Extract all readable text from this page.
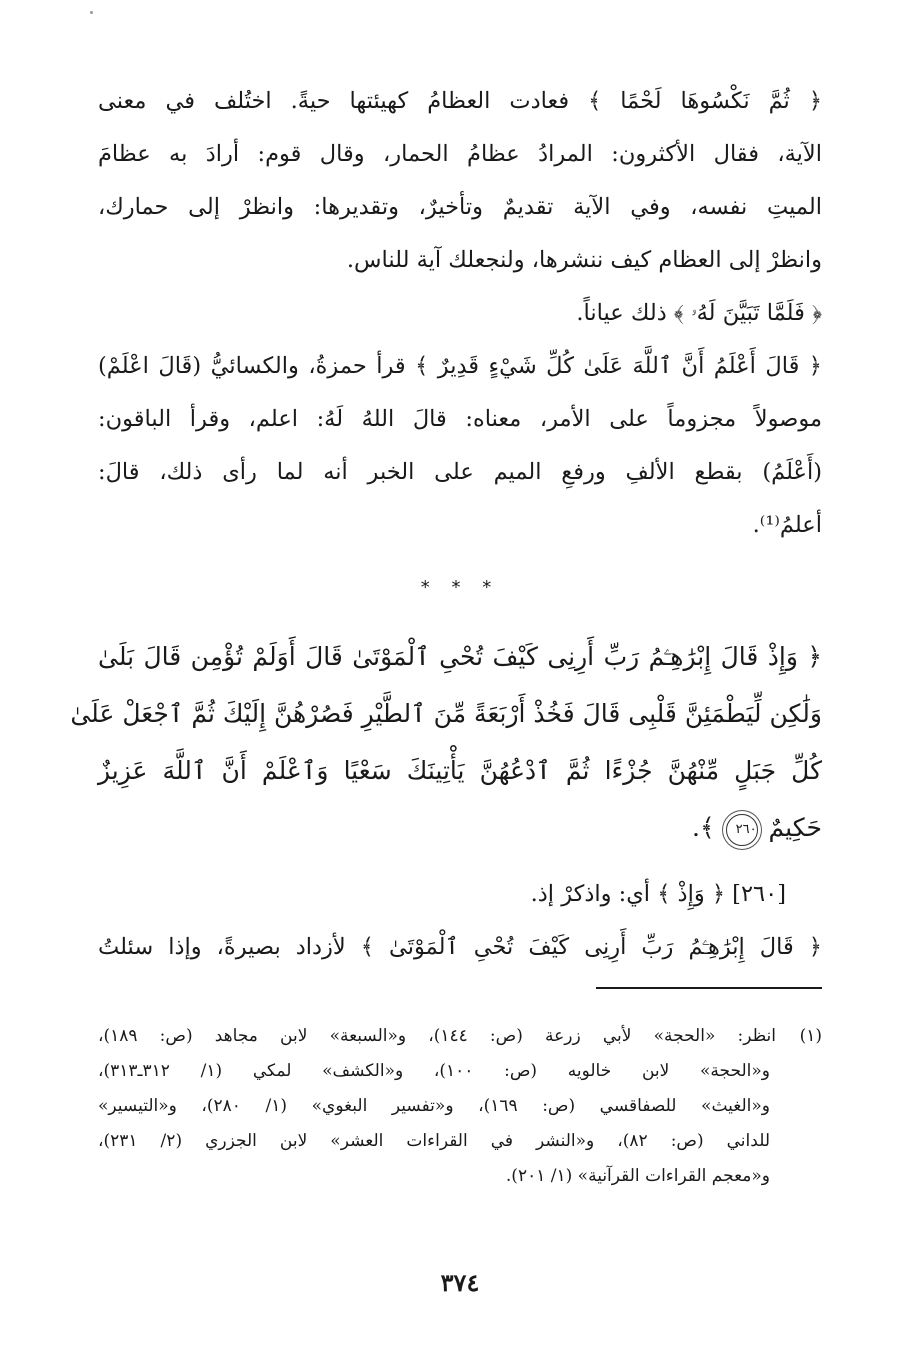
﴿ ثُمَّ نَكْسُوهَا لَحْمًا ﴾ فعادت العظامُ كهيئتها حيةً. اختُلف في معنى
الآية، فقال الأكثرون: المرادُ عظامُ الحمار، وقال قوم: أرادَ به عظامَ
الميتِ نفسه، وفي الآية تقديمٌ وتأخيرٌ، وتقديرها: وانظرْ إلى حمارك،
وانظرْ إلى العظام كيف ننشرها، ولنجعلك آية للناس.
﴿ فَلَمَّا تَبَيَّنَ لَهُۥ ﴾ ذلك عياناً.
﴿ قَالَ أَعْلَمُ أَنَّ ٱللَّهَ عَلَىٰ كُلِّ شَيْءٍ قَدِيرٌ ﴾ قرأ حمزةُ، والكسائيُّ (قَالَ اعْلَمْ)
موصولاً مجزوماً على الأمر، معناه: قالَ اللهُ لَهُ: اعلم، وقرأ الباقون:
(أَعْلَمُ) بقطع الألفِ ورفعِ الميم على الخبر أنه لما رأى ذلك، قالَ:
أعلمُ⁽¹⁾.
* * *
﴿ وَإِذْ قَالَ إِبْرَٰهِـۧمُ رَبِّ أَرِنِى كَيْفَ تُحْىِ ٱلْمَوْتَىٰ قَالَ أَوَلَمْ تُؤْمِن قَالَ بَلَىٰ
وَلَٰكِن لِّيَطْمَئِنَّ قَلْبِى قَالَ فَخُذْ أَرْبَعَةً مِّنَ ٱلطَّيْرِ فَصُرْهُنَّ إِلَيْكَ ثُمَّ ٱجْعَلْ عَلَىٰ
كُلِّ جَبَلٍ مِّنْهُنَّ جُزْءًا ثُمَّ ٱدْعُهُنَّ يَأْتِينَكَ سَعْيًا وَٱعْلَمْ أَنَّ ٱللَّهَ عَزِيزٌ
حَكِيمٌ ٢٦٠ ﴾.
[٢٦٠] ﴿ وَإِذْ ﴾ أي: واذكرْ إذ.
﴿ قَالَ إِبْرَٰهِـۧمُ رَبِّ أَرِنِى كَيْفَ تُحْىِ ٱلْمَوْتَىٰ ﴾ لأزداد بصيرةً، وإذا سئلتُ
(١)انظر: «الحجة» لأبي زرعة (ص: ١٤٤)، و«السبعة» لابن مجاهد (ص: ١٨٩)،
و«الحجة» لابن خالويه (ص: ١٠٠)، و«الكشف» لمكي (١/ ٣١٢ـ٣١٣)،
و«الغيث» للصفاقسي (ص: ١٦٩)، و«تفسير البغوي» (١/ ٢٨٠)، و«التيسير»
للداني (ص: ٨٢)، و«النشر في القراءات العشر» لابن الجزري (٢/ ٢٣١)،
و«معجم القراءات القرآنية» (١/ ٢٠١).
٣٧٤
